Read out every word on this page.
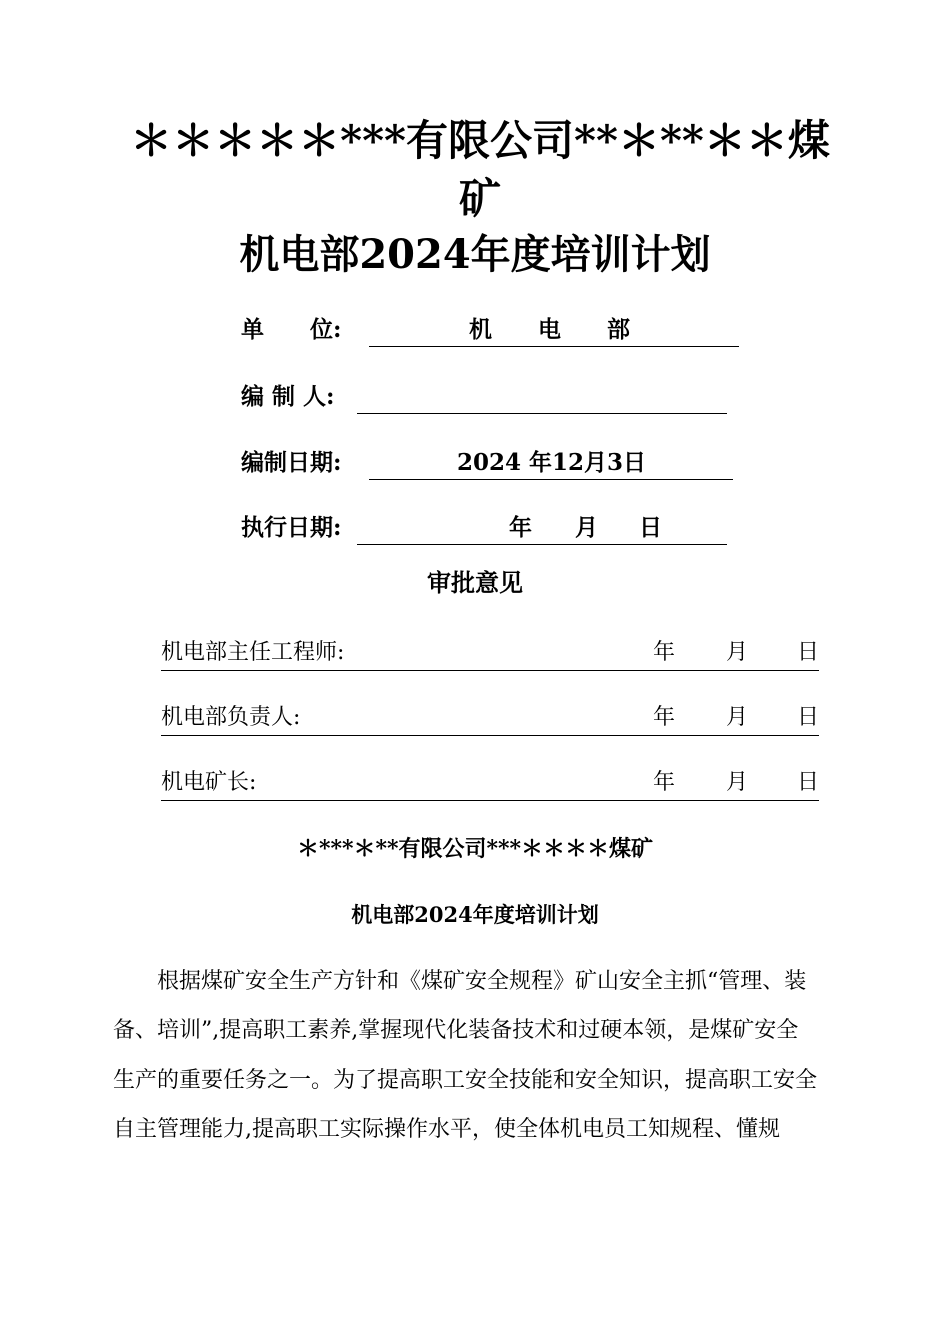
＊＊＊＊＊***有限公司**＊**＊＊煤
矿
机电部2024年度培训计划
单　　位:	机　　电　　部
编 制 人:
编制日期:	2024 年12月3日
执行日期:	年 月 日
审批意见
机电部主任工程师:	年 月 日
机电部负责人:	年 月 日
机电矿长:	年 月 日
＊***＊**有限公司***＊＊＊＊煤矿
机电部2024年度培训计划
　　根据煤矿安全生产方针和《煤矿安全规程》矿山安全主抓“管理、装
备、培训”,提高职工素养,掌握现代化装备技术和过硬本领，是煤矿安全
生产的重要任务之一。为了提高职工安全技能和安全知识，提高职工安全
自主管理能力,提高职工实际操作水平，使全体机电员工知规程、懂规
